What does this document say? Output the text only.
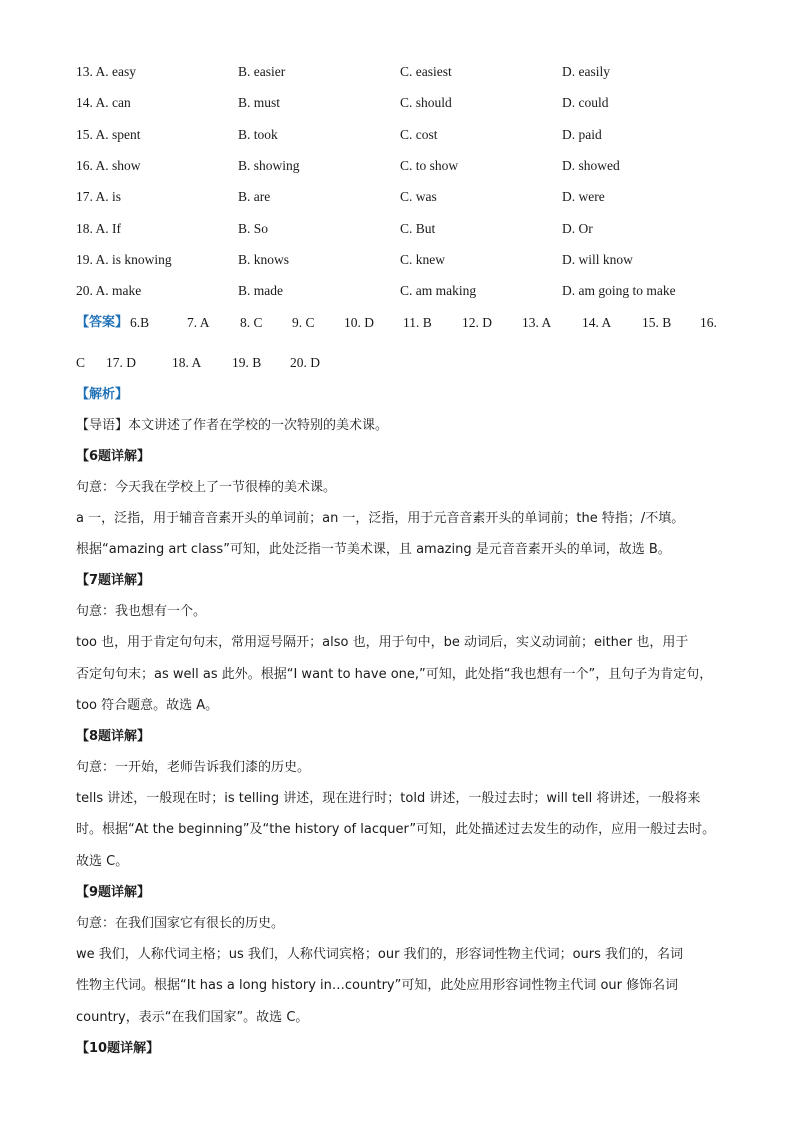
13. A. easy	B. easier	C. easiest	D. easily
14. A. can	B. must	C. should	D. could
15. A. spent	B. took	C. cost	D. paid
16. A. show	B. showing	C. to show	D. showed
17. A. is	B. are	C. was	D. were
18. A. If	B. So	C. But	D. Or
19. A. is knowing	B. knows	C. knew	D. will know
20. A. make	B. made	C. am making	D. am going to make
【答案】 6.B	7. A 8. C 9. C 10. D 11. B 12. D 13. A 14. A 15. B 16.
C 17. D	18. A 19. B 20. D
【解析】
【导语】本文讲述了作者在学校的一次特别的美术课。
【6题详解】
句意：今天我在学校上了一节很棒的美术课。
a 一，泛指，用于辅音音素开头的单词前；an 一，泛指，用于元音音素开头的单词前；the 特指；/不填。
根据“amazing art class”可知，此处泛指一节美术课，且 amazing 是元音音素开头的单词，故选 B。
【7题详解】
句意：我也想有一个。
too 也，用于肯定句句末，常用逗号隔开；also 也，用于句中，be 动词后，实义动词前；either 也，用于
否定句句末；as well as 此外。根据“I want to have one,”可知，此处指“我也想有一个”，且句子为肯定句，
too 符合题意。故选 A。
【8题详解】
句意：一开始，老师告诉我们漆的历史。
tells 讲述，一般现在时；is telling 讲述，现在进行时；told 讲述，一般过去时；will tell 将讲述，一般将来
时。根据“At the beginning”及“the history of lacquer”可知，此处描述过去发生的动作，应用一般过去时。
故选 C。
【9题详解】
句意：在我们国家它有很长的历史。
we 我们，人称代词主格；us 我们，人称代词宾格；our 我们的，形容词性物主代词；ours 我们的，名词
性物主代词。根据“It has a long history in…country”可知，此处应用形容词性物主代词 our 修饰名词
country，表示“在我们国家”。故选 C。
【10题详解】
